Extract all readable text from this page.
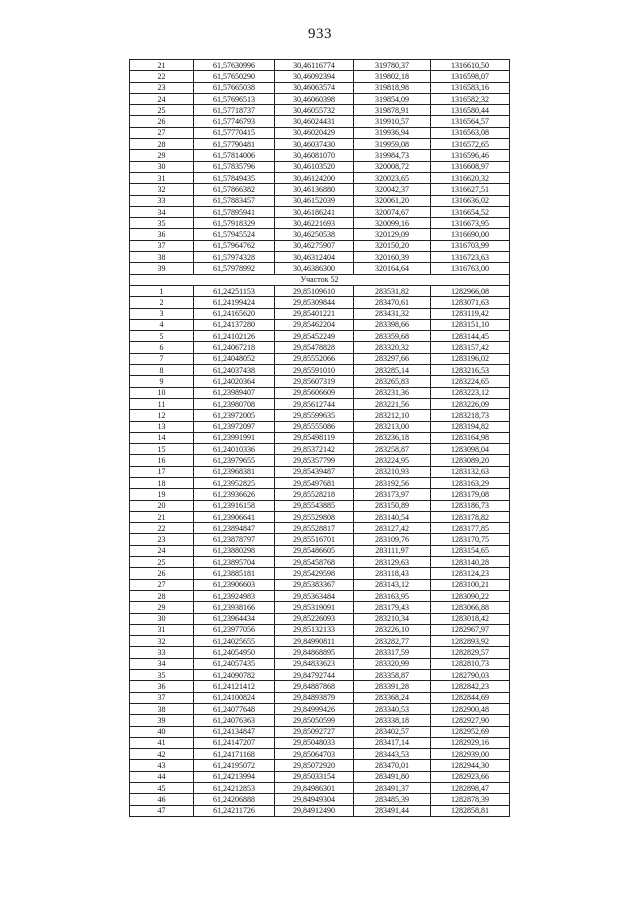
933
21	61,57630996	30,46116774	319780,37	1316610,50
22	61,57650290	30,46092394	319802,18	1316598,07
23	61,57665038	30,46063574	319818,98	1316583,16
24	61,57696513	30,46060398	319854,09	1316582,32
25	61,57718737	30,46055732	319878,91	1316580,44
26	61,57746793	30,46024431	319910,57	1316564,57
27	61,57770415	30,46020429	319936,94	1316563,08
28	61,57790481	30,46037430	319959,08	1316572,65
29	61,57814006	30,46081070	319984,73	1316596,46
30	61,57835796	30,46103520	320008,72	1316608,97
31	61,57849435	30,46124200	320023,65	1316620,32
32	61,57866382	30,46136880	320042,37	1316627,51
33	61,57883457	30,46152039	320061,20	1316636,02
34	61,57895941	30,46186241	320074,67	1316654,52
35	61,57918329	30,46221693	320099,16	1316673,95
36	61,57945524	30,46250538	320129,09	1316690,00
37	61,57964762	30,46275907	320150,20	1316703,99
38	61,57974328	30,46312404	320160,39	1316723,63
39	61,57978992	30,46386300	320164,64	1316763,00
Участок 52				
1	61,24251153	29,85109610	283531,82	1282966,08
2	61,24199424	29,85309844	283470,61	1283071,63
3	61,24165620	29,85401221	283431,32	1283119,42
4	61,24137280	29,85462204	283398,66	1283151,10
5	61,24102126	29,85452249	283359,68	1283144,45
6	61,24067218	29,85478828	283320,32	1283157,42
7	61,24048052	29,85552066	283297,66	1283196,02
8	61,24037438	29,85591010	283285,14	1283216,53
9	61,24020364	29,85607319	283265,83	1283224,65
10	61,23989407	29,85606609	283231,36	1283223,12
11	61,23980708	29,85612744	283221,56	1283226,09
12	61,23972005	29,85599635	283212,10	1283218,73
13	61,23972097	29,85555086	283213,00	1283194,82
14	61,23991991	29,85498119	283236,18	1283164,98
15	61,24010336	29,85372142	283258,87	1283098,04
16	61,23979655	29,85357799	283224,95	1283089,20
17	61,23968381	29,85439487	283210,93	1283132,63
18	61,23952825	29,85497681	283192,56	1283163,29
19	61,23936626	29,85528218	283173,97	1283179,08
20	61,23916158	29,85543885	283150,89	1283186,73
21	61,23906641	29,85529808	283140,54	1283178,82
22	61,23894847	29,85528817	283127,42	1283177,85
23	61,23878797	29,85516701	283109,76	1283170,75
24	61,23880298	29,85486605	283111,97	1283154,65
25	61,23895704	29,85458768	283129,63	1283140,28
26	61,23885181	29,85429598	283118,43	1283124,23
27	61,23906603	29,85383367	283143,12	1283100,21
28	61,23924983	29,85363484	283163,95	1283090,22
29	61,23938166	29,85319091	283179,43	1283066,88
30	61,23964434	29,85226093	283210,34	1283018,42
31	61,23977056	29,85132133	283226,10	1282967,97
32	61,24025655	29,84990811	283282,77	1282893,92
33	61,24054950	29,84868895	283317,59	1282829,57
34	61,24057435	29,84833623	283320,99	1282810,73
35	61,24090782	29,84792744	283358,87	1282790,03
36	61,24121412	29,84887868	283391,28	1282842,23
37	61,24100824	29,84893879	283368,24	1282844,69
38	61,24077648	29,84999426	283340,53	1282900,48
39	61,24076363	29,85050599	283338,18	1282927,90
40	61,24134847	29,85092727	283402,57	1282952,69
41	61,24147207	29,85048033	283417,14	1282929,16
42	61,24171168	29,85064703	283443,53	1282939,00
43	61,24195072	29,85072920	283470,01	1282944,30
44	61,24213994	29,85033154	283491,80	1282923,66
45	61,24212853	29,84986301	283491,37	1282898,47
46	61,24206888	29,84949304	283485,39	1282878,39
47	61,24211726	29,84912490	283491,44	1282858,81
